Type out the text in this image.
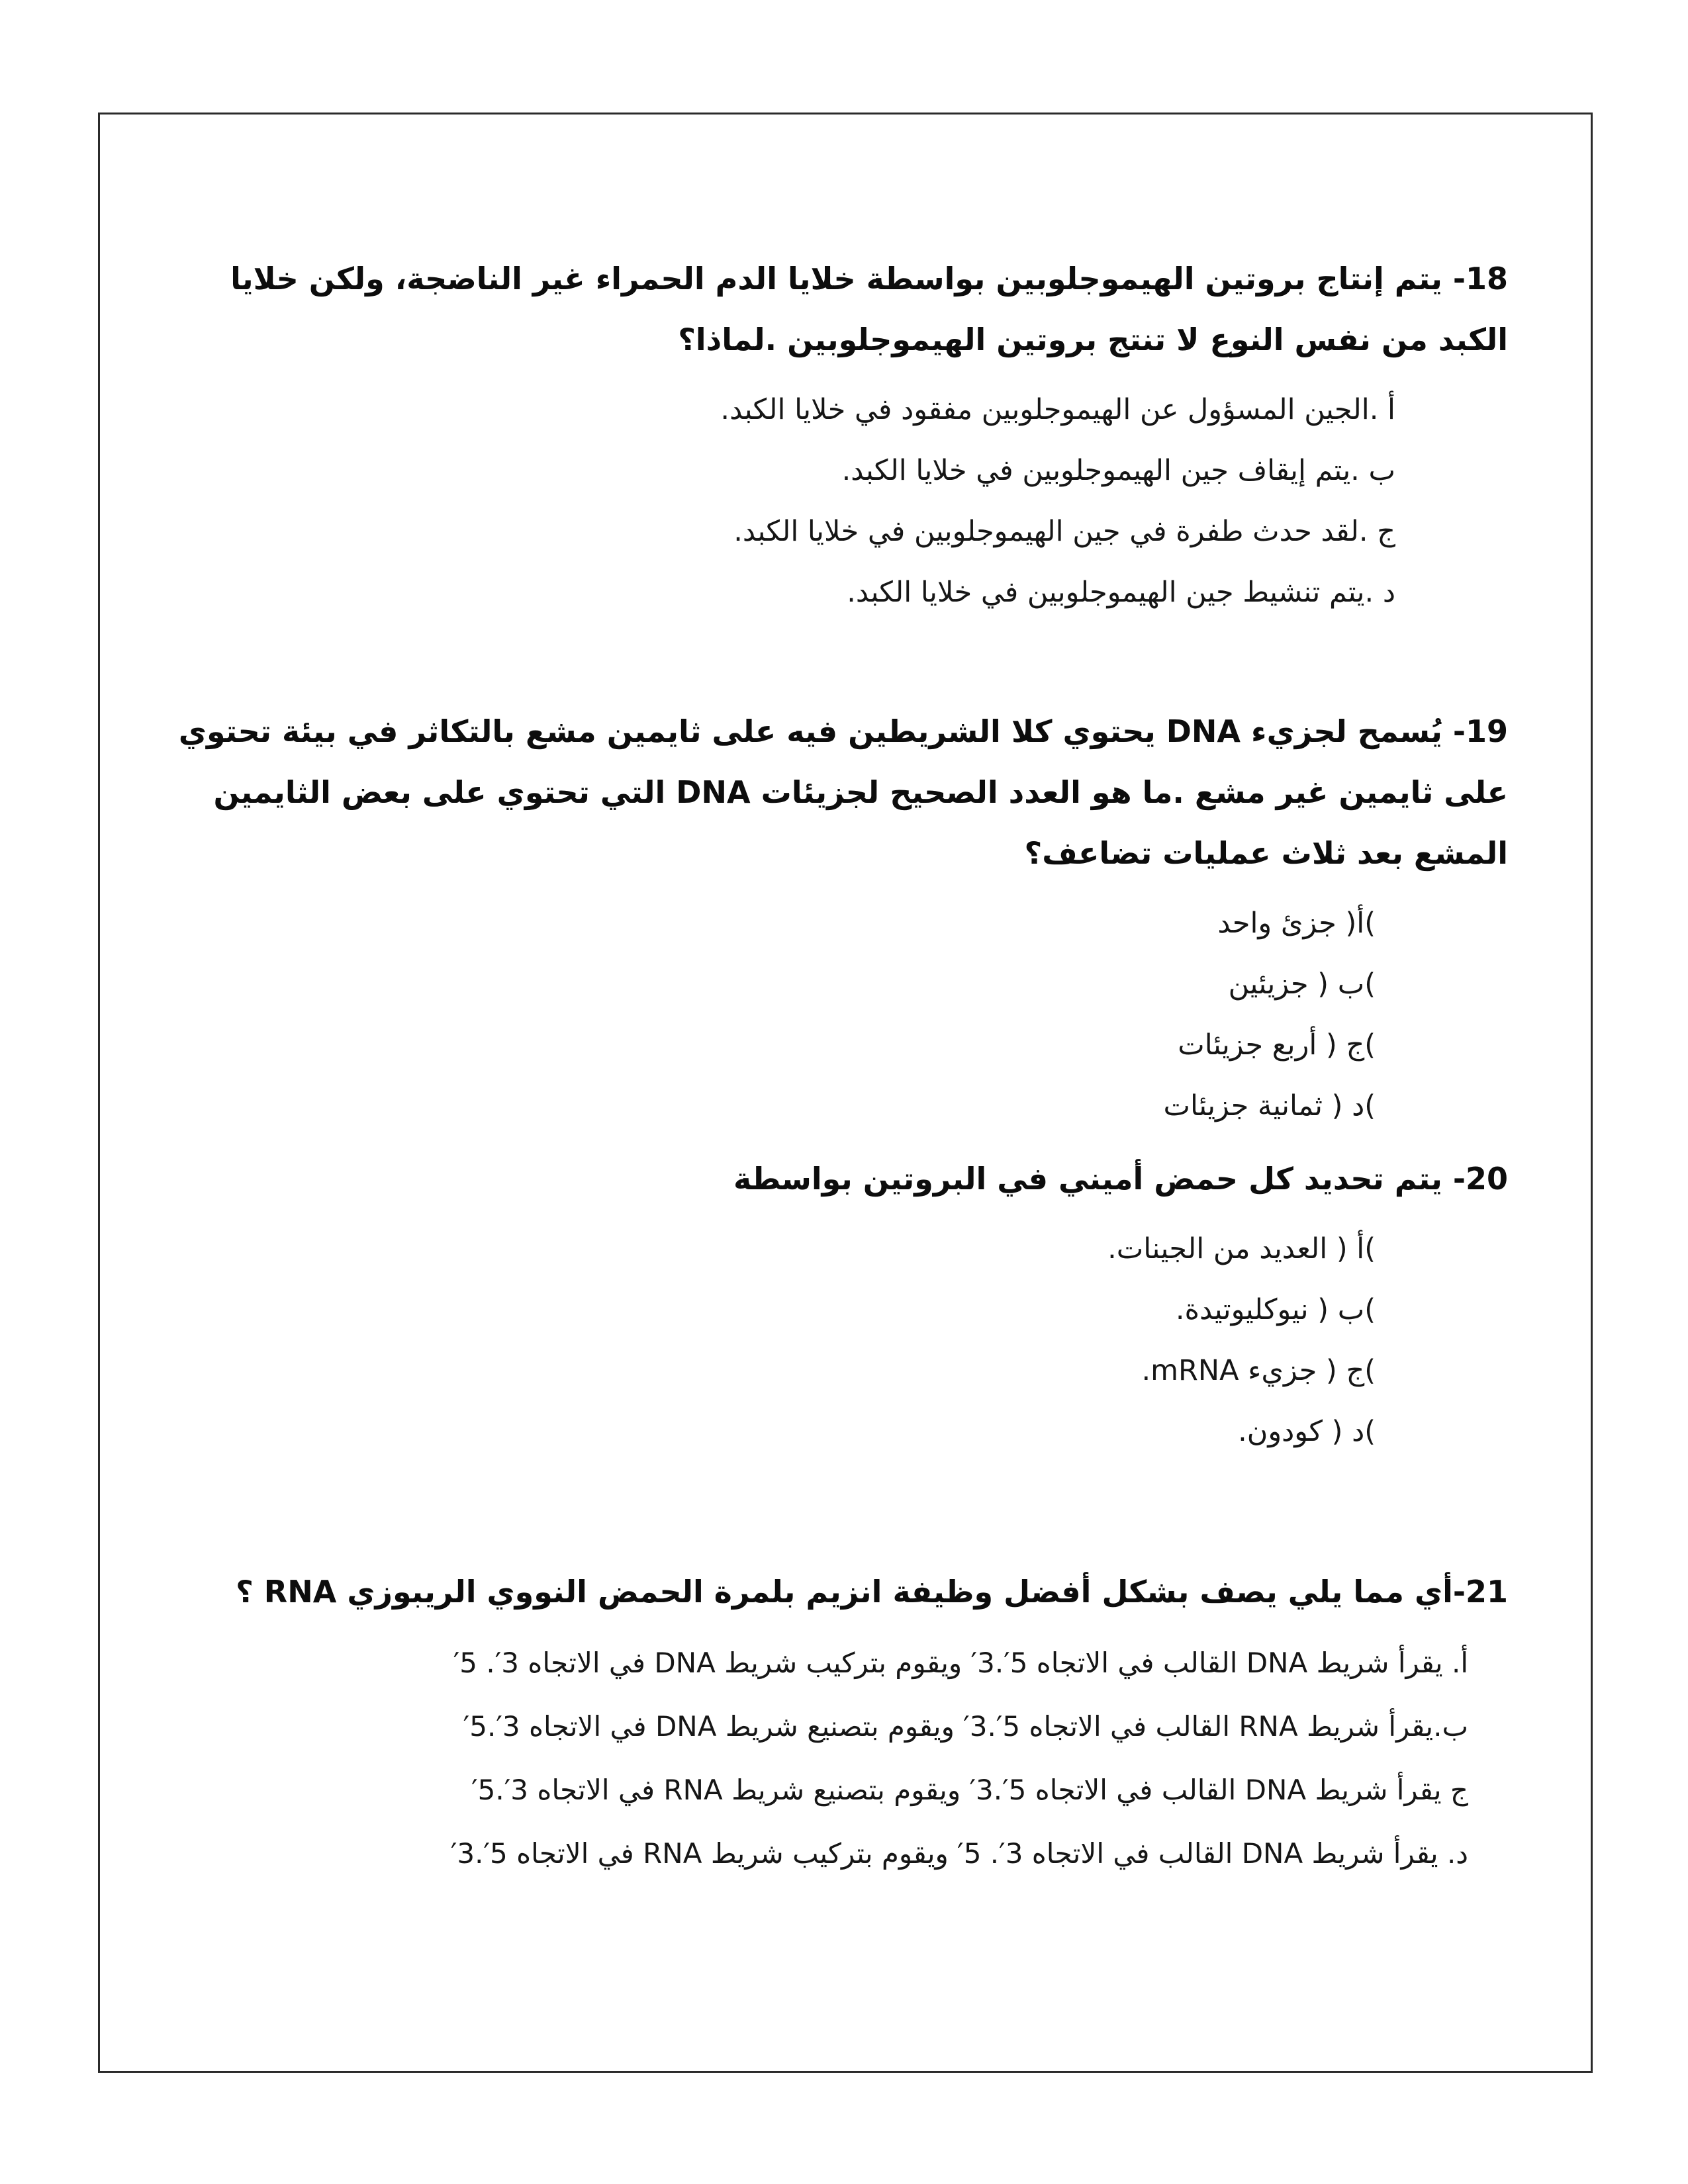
18- يتم إنتاج بروتين الهيموجلوبين بواسطة خلايا الدم الحمراء غير الناضجة، ولكن خلايا الكبد من نفس النوع لا تنتج بروتين الهيموجلوبين .لماذا؟
أ .الجين المسؤول عن الهيموجلوبين مفقود في خلايا الكبد.
ب .يتم إيقاف جين الهيموجلوبين في خلايا الكبد.
ج .لقد حدث طفرة في جين الهيموجلوبين في خلايا الكبد.
د .يتم تنشيط جين الهيموجلوبين في خلايا الكبد.
19- يُسمح لجزيء DNA يحتوي كلا الشريطين فيه على ثايمين مشع بالتكاثر في بيئة تحتوي على ثايمين غير مشع .ما هو العدد الصحيح لجزيئات DNA التي تحتوي على بعض الثايمين المشع بعد ثلاث عمليات تضاعف؟
)أ( جزئ واحد
)ب ( جزيئين
)ج ( أربع جزيئات
)د ( ثمانية جزيئات
20- يتم تحديد كل حمض أميني في البروتين بواسطة
)أ ( العديد من الجينات.
)ب ( نيوكليوتيدة.
)ج ( جزيء mRNA.
)د ( كودون.
21-أي مما يلي يصف بشكل أفضل وظيفة انزيم بلمرة الحمض النووي الريبوزي RNA ؟
أ. يقرأ شريط DNA القالب في الاتجاه 5′.3′ ويقوم بتركيب شريط DNA في الاتجاه 3′. 5′
ب.يقرأ شريط RNA القالب في الاتجاه 5′.3′ ويقوم بتصنيع شريط DNA في الاتجاه 3′.5′
ج يقرأ شريط DNA القالب في الاتجاه 5′.3′ ويقوم بتصنيع شريط RNA في الاتجاه 3′.5′
د. يقرأ شريط DNA القالب في الاتجاه 3′. 5′ ويقوم بتركيب شريط RNA في الاتجاه 5′.3′
